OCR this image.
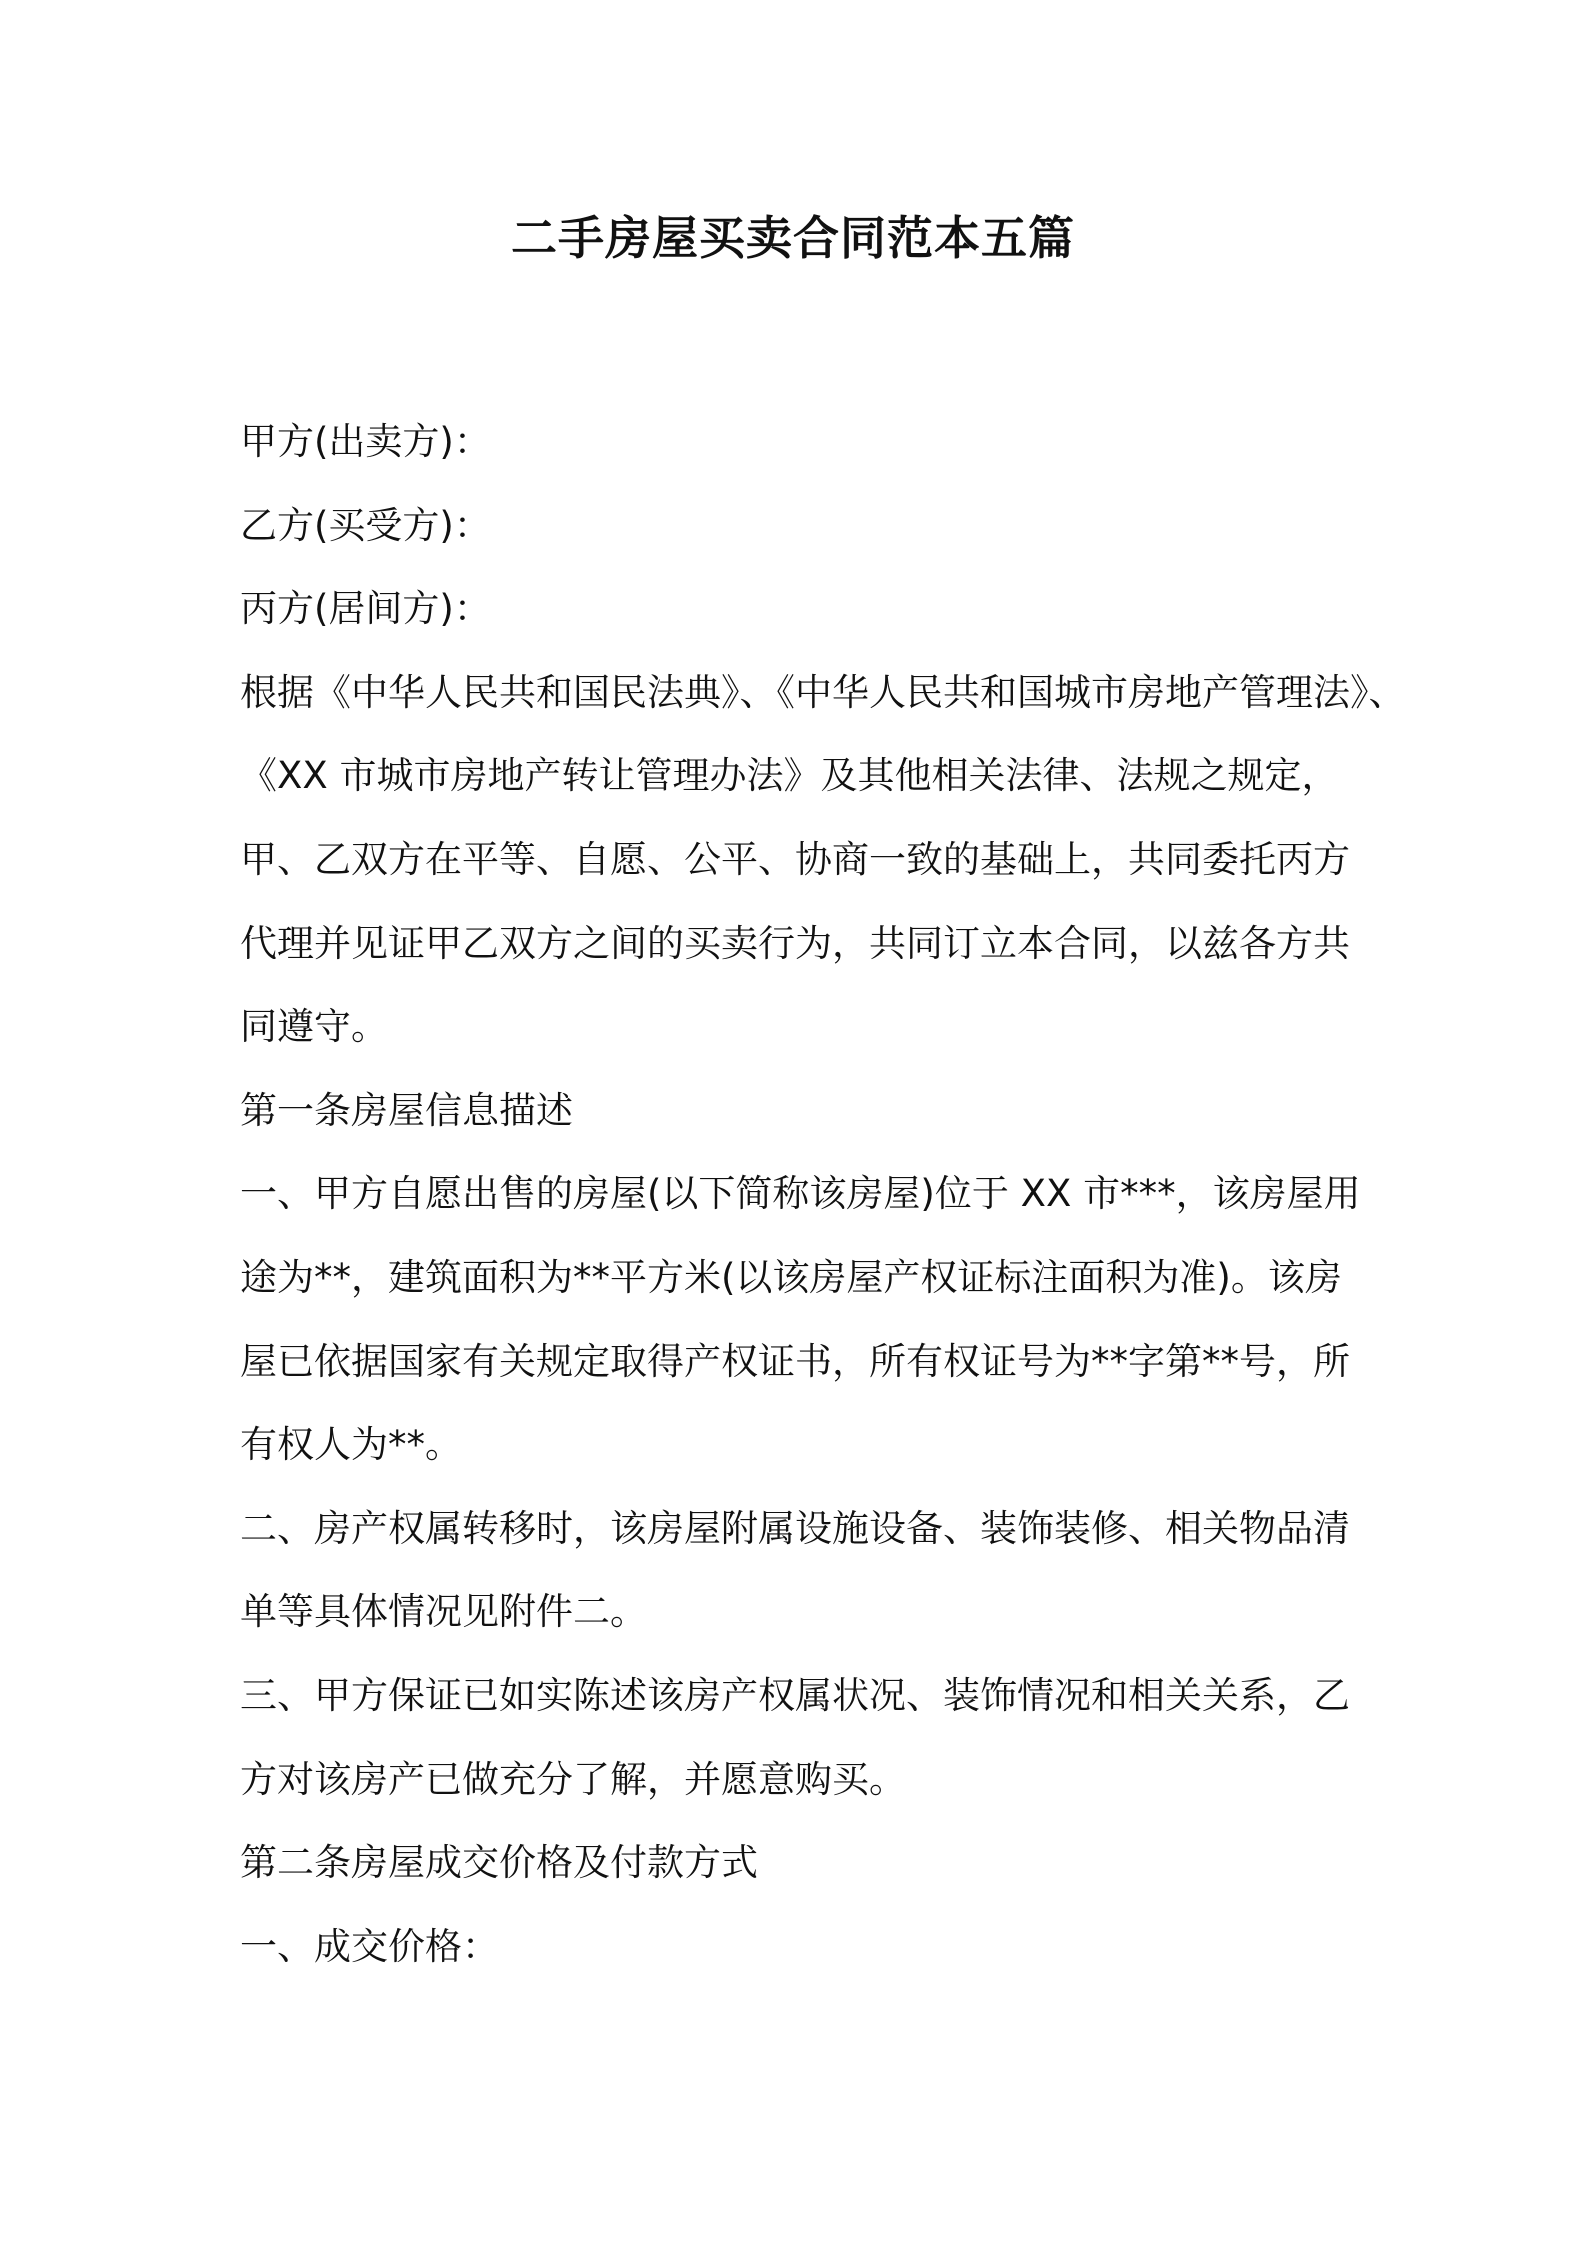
二手房屋买卖合同范本五篇
甲方(出卖方)：
乙方(买受方)：
丙方(居间方)：
根据《中华人民共和国民法典》、《中华人民共和国城市房地产管理法》、
《XX 市城市房地产转让管理办法》及其他相关法律、法规之规定，
甲、乙双方在平等、自愿、公平、协商一致的基础上，共同委托丙方
代理并见证甲乙双方之间的买卖行为，共同订立本合同，以兹各方共
同遵守。
第一条房屋信息描述
一、甲方自愿出售的房屋(以下简称该房屋)位于 XX 市***，该房屋用
途为**，建筑面积为**平方米(以该房屋产权证标注面积为准)。该房
屋已依据国家有关规定取得产权证书，所有权证号为**字第**号，所
有权人为**。
二、房产权属转移时，该房屋附属设施设备、装饰装修、相关物品清
单等具体情况见附件二。
三、甲方保证已如实陈述该房产权属状况、装饰情况和相关关系，乙
方对该房产已做充分了解，并愿意购买。
第二条房屋成交价格及付款方式
一、成交价格：
